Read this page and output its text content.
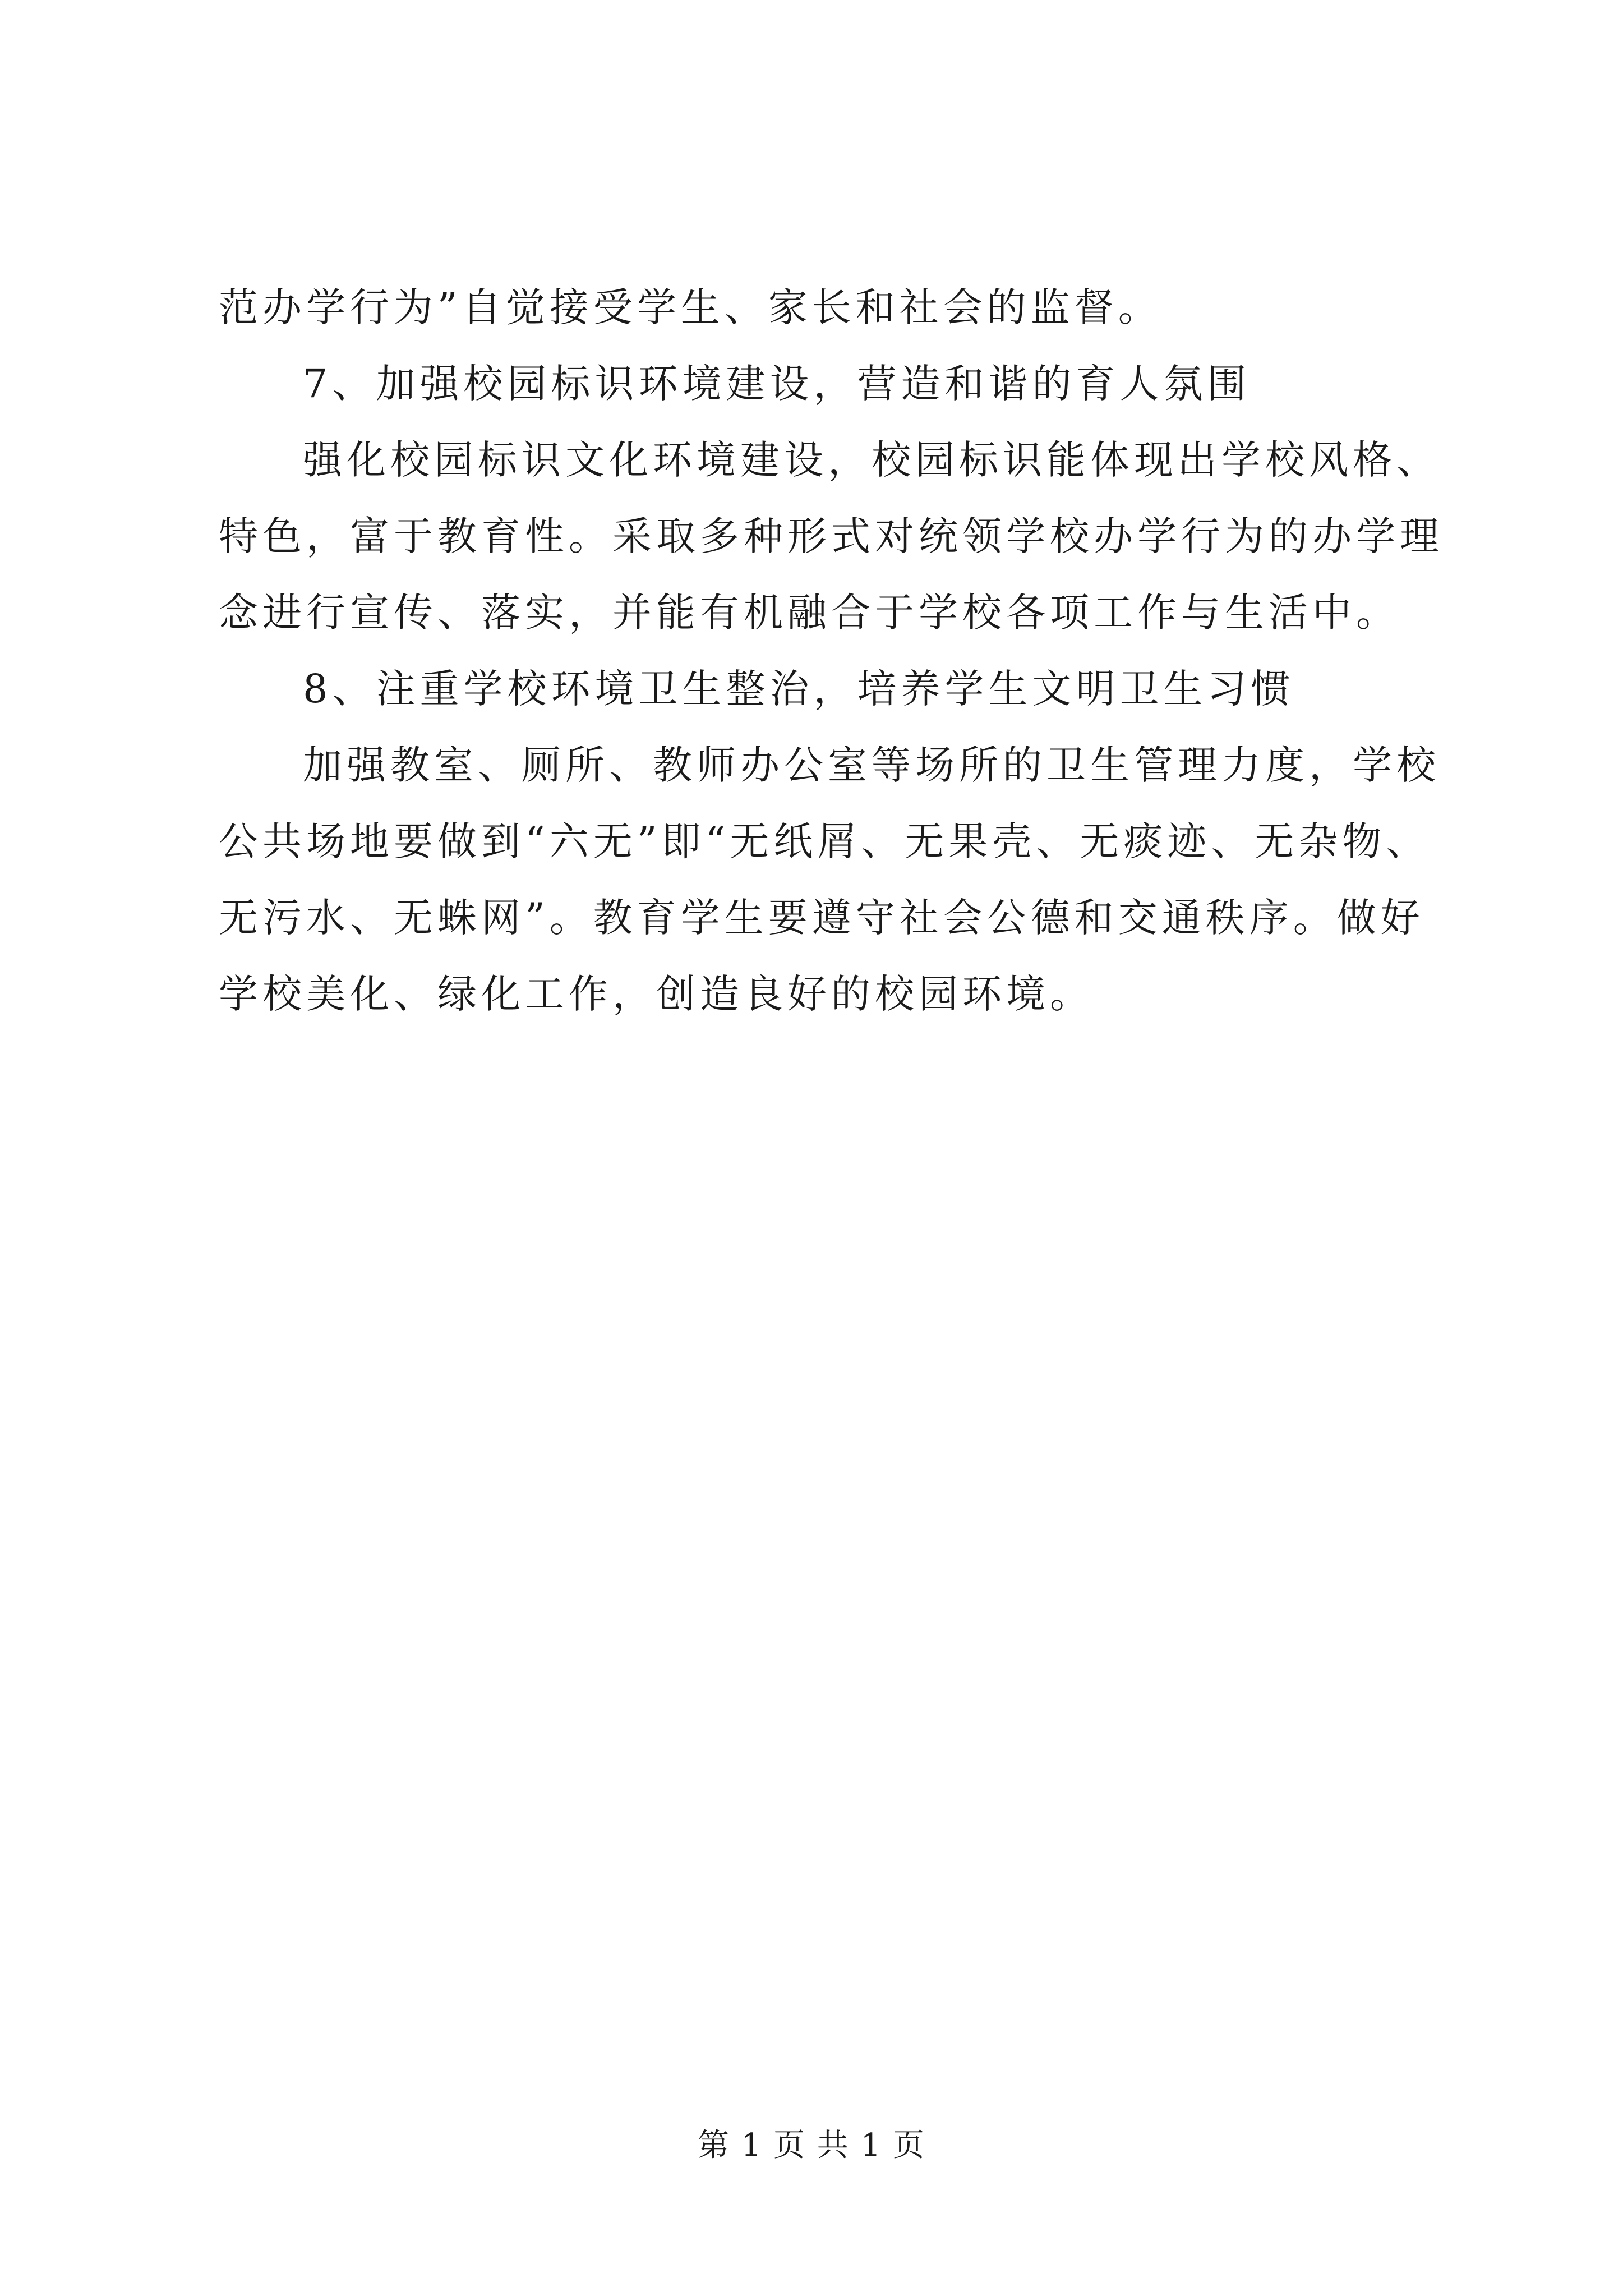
范办学行为”自觉接受学生、家长和社会的监督。
7、加强校园标识环境建设，营造和谐的育人氛围
强化校园标识文化环境建设，校园标识能体现出学校风格、
特色，富于教育性。采取多种形式对统领学校办学行为的办学理
念进行宣传、落实，并能有机融合于学校各项工作与生活中。
8、注重学校环境卫生整治，培养学生文明卫生习惯
加强教室、厕所、教师办公室等场所的卫生管理力度，学校
公共场地要做到“六无”即“无纸屑、无果壳、无痰迹、无杂物、
无污水、无蛛网”。教育学生要遵守社会公德和交通秩序。做好
学校美化、绿化工作，创造良好的校园环境。
第 1 页 共 1 页
